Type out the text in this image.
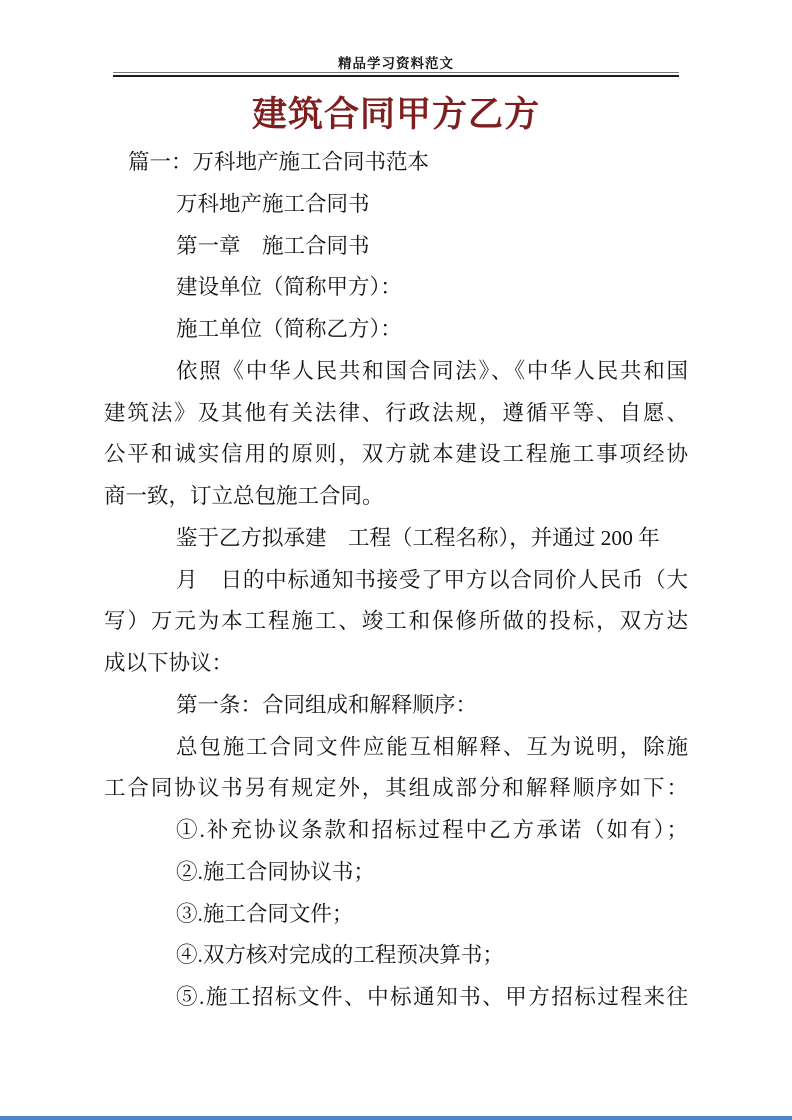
精品学习资料范文
建筑合同甲方乙方
篇一：万科地产施工合同书范本
万科地产施工合同书
第一章　施工合同书
建设单位（简称甲方）：
施工单位（简称乙方）：
依照《中华人民共和国合同法》、《中华人民共和国
建筑法》及其他有关法律、行政法规，遵循平等、自愿、
公平和诚实信用的原则，双方就本建设工程施工事项经协
商一致，订立总包施工合同。
鉴于乙方拟承建　工程（工程名称），并通过 200 年
月　日的中标通知书接受了甲方以合同价人民币（大
写）万元为本工程施工、竣工和保修所做的投标，双方达
成以下协议：
第一条：合同组成和解释顺序：
总包施工合同文件应能互相解释、互为说明，除施
工合同协议书另有规定外，其组成部分和解释顺序如下：
①.补充协议条款和招标过程中乙方承诺（如有）；
②.施工合同协议书；
③.施工合同文件；
④.双方核对完成的工程预决算书；
⑤.施工招标文件、中标通知书、甲方招标过程来往
